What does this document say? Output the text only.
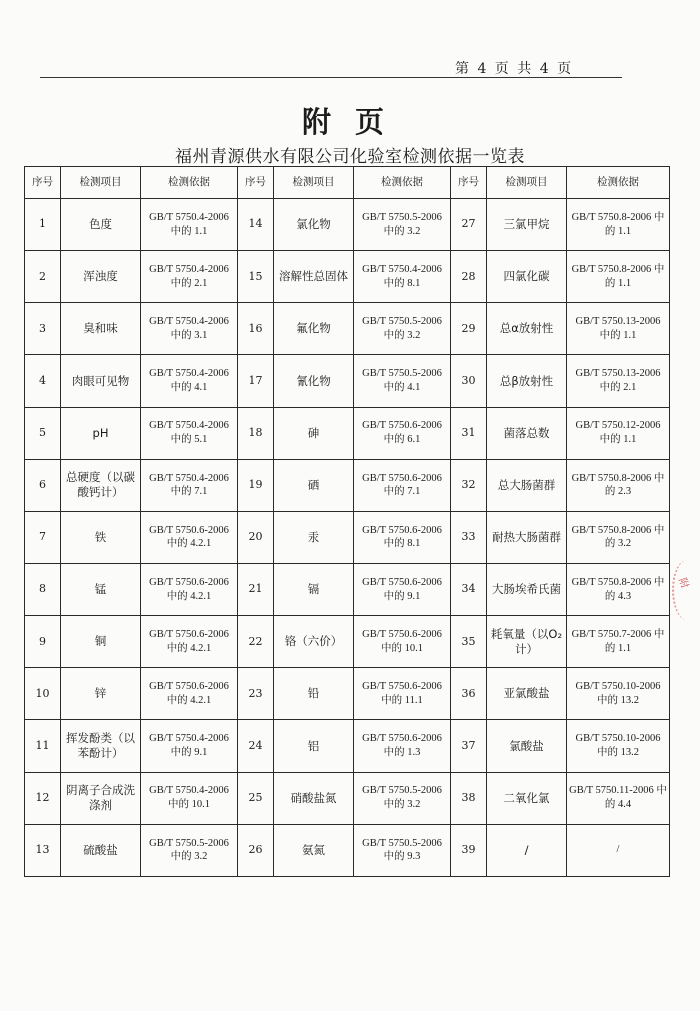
第 4 页 共 4 页
附页
福州青源供水有限公司化验室检测依据一览表
序号	检测项目	检测依据	序号	检测项目	检测依据	序号	检测项目	检测依据
1	色度	GB/T 5750.4-2006 中的 1.1	14	氯化物	GB/T 5750.5-2006 中的 3.2	27	三氯甲烷	GB/T 5750.8-2006 中的 1.1
2	浑浊度	GB/T 5750.4-2006 中的 2.1	15	溶解性总固体	GB/T 5750.4-2006 中的 8.1	28	四氯化碳	GB/T 5750.8-2006 中的 1.1
3	臭和味	GB/T 5750.4-2006 中的 3.1	16	氟化物	GB/T 5750.5-2006 中的 3.2	29	总α放射性	GB/T 5750.13-2006 中的 1.1
4	肉眼可见物	GB/T 5750.4-2006 中的 4.1	17	氰化物	GB/T 5750.5-2006 中的 4.1	30	总β放射性	GB/T 5750.13-2006 中的 2.1
5	pH	GB/T 5750.4-2006 中的 5.1	18	砷	GB/T 5750.6-2006 中的 6.1	31	菌落总数	GB/T 5750.12-2006 中的 1.1
6	总硬度（以碳酸钙计）	GB/T 5750.4-2006 中的 7.1	19	硒	GB/T 5750.6-2006 中的 7.1	32	总大肠菌群	GB/T 5750.8-2006 中的 2.3
7	铁	GB/T 5750.6-2006 中的 4.2.1	20	汞	GB/T 5750.6-2006 中的 8.1	33	耐热大肠菌群	GB/T 5750.8-2006 中的 3.2
8	锰	GB/T 5750.6-2006 中的 4.2.1	21	镉	GB/T 5750.6-2006 中的 9.1	34	大肠埃希氏菌	GB/T 5750.8-2006 中的 4.3
9	铜	GB/T 5750.6-2006 中的 4.2.1	22	铬（六价）	GB/T 5750.6-2006 中的 10.1	35	耗氧量（以O₂计）	GB/T 5750.7-2006 中的 1.1
10	锌	GB/T 5750.6-2006 中的 4.2.1	23	铅	GB/T 5750.6-2006 中的 11.1	36	亚氯酸盐	GB/T 5750.10-2006 中的 13.2
11	挥发酚类（以苯酚计）	GB/T 5750.4-2006 中的 9.1	24	铝	GB/T 5750.6-2006 中的 1.3	37	氯酸盐	GB/T 5750.10-2006 中的 13.2
12	阴离子合成洗涤剂	GB/T 5750.4-2006 中的 10.1	25	硝酸盐氮	GB/T 5750.5-2006 中的 3.2	38	二氧化氯	GB/T 5750.11-2006 中的 4.4
13	硫酸盐	GB/T 5750.5-2006 中的 3.2	26	氨氮	GB/T 5750.5-2006 中的 9.3	39	/	/
附
